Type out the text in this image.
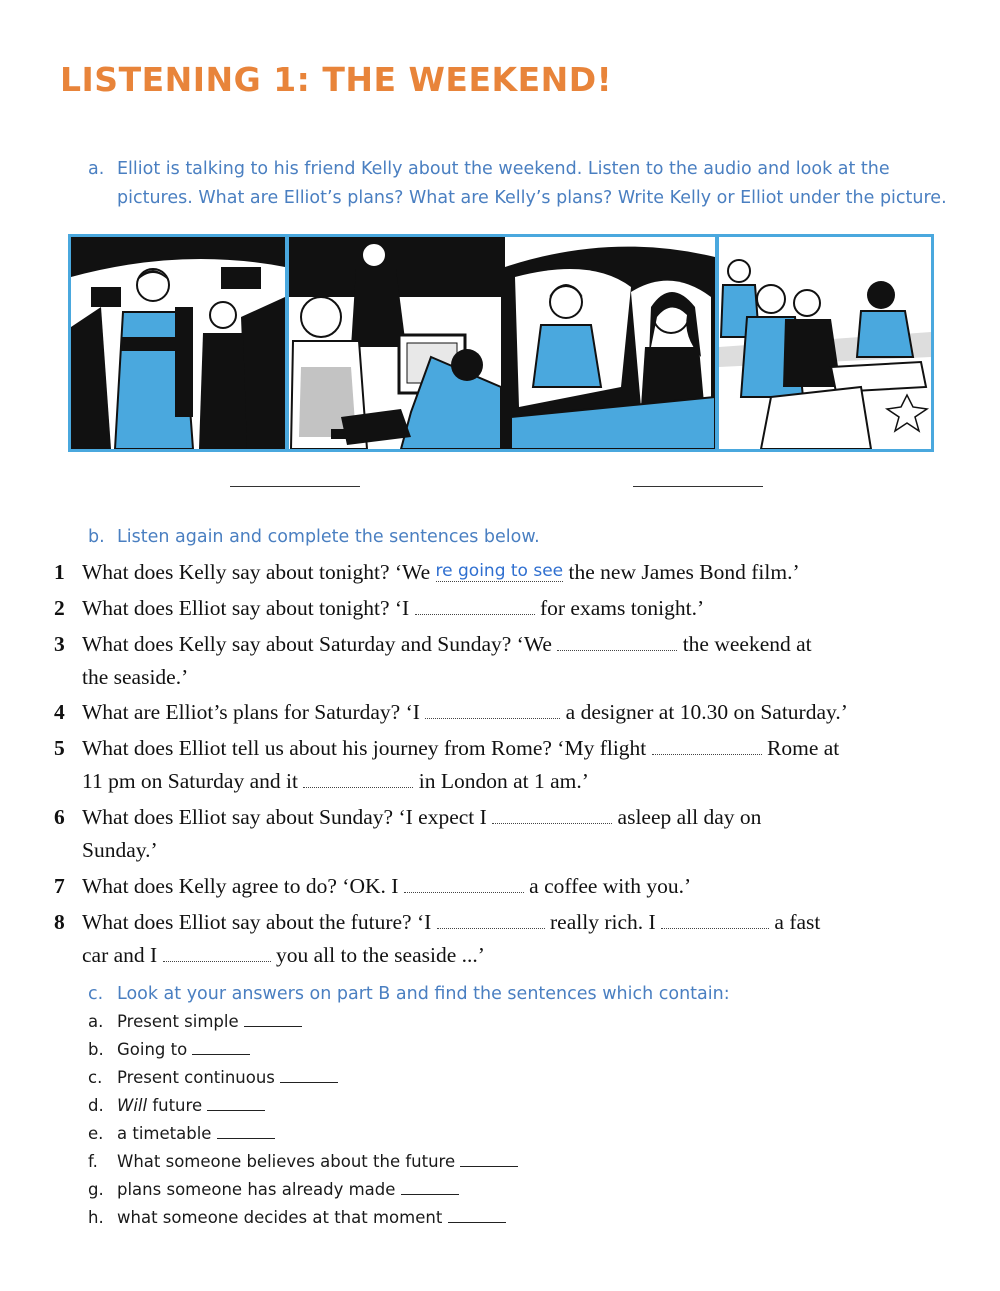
LISTENING 1: THE WEEKEND!
a. Elliot is talking to his friend Kelly about the weekend. Listen to the audio and look at the
pictures. What are Elliot’s plans? What are Kelly’s plans? Write Kelly or Elliot under the picture.
b. Listen again and complete the sentences below.
1 What does Kelly say about tonight? ‘We re going to see the new James Bond film.’
2 What does Elliot say about tonight? ‘I	for exams tonight.’
3 What does Kelly say about Saturday and Sunday? ‘We	the weekend at
the seaside.’
4 What are Elliot’s plans for Saturday? ‘I	a designer at 10.30 on Saturday.’
5 What does Elliot tell us about his journey from Rome? ‘My flight	Rome at
11 pm on Saturday and it	in London at 1 am.’
6 What does Elliot say about Sunday? ‘I expect I	asleep all day on
Sunday.’
7 What does Kelly agree to do? ‘OK. I	a coffee with you.’
8 What does Elliot say about the future? ‘I	really rich. I	a fast
car and I	you all to the seaside ...’
c. Look at your answers on part B and find the sentences which contain:
a. Present simple
b. Going to
c. Present continuous
d. Will future
e. a timetable
f. What someone believes about the future
g. plans someone has already made
h. what someone decides at that moment
